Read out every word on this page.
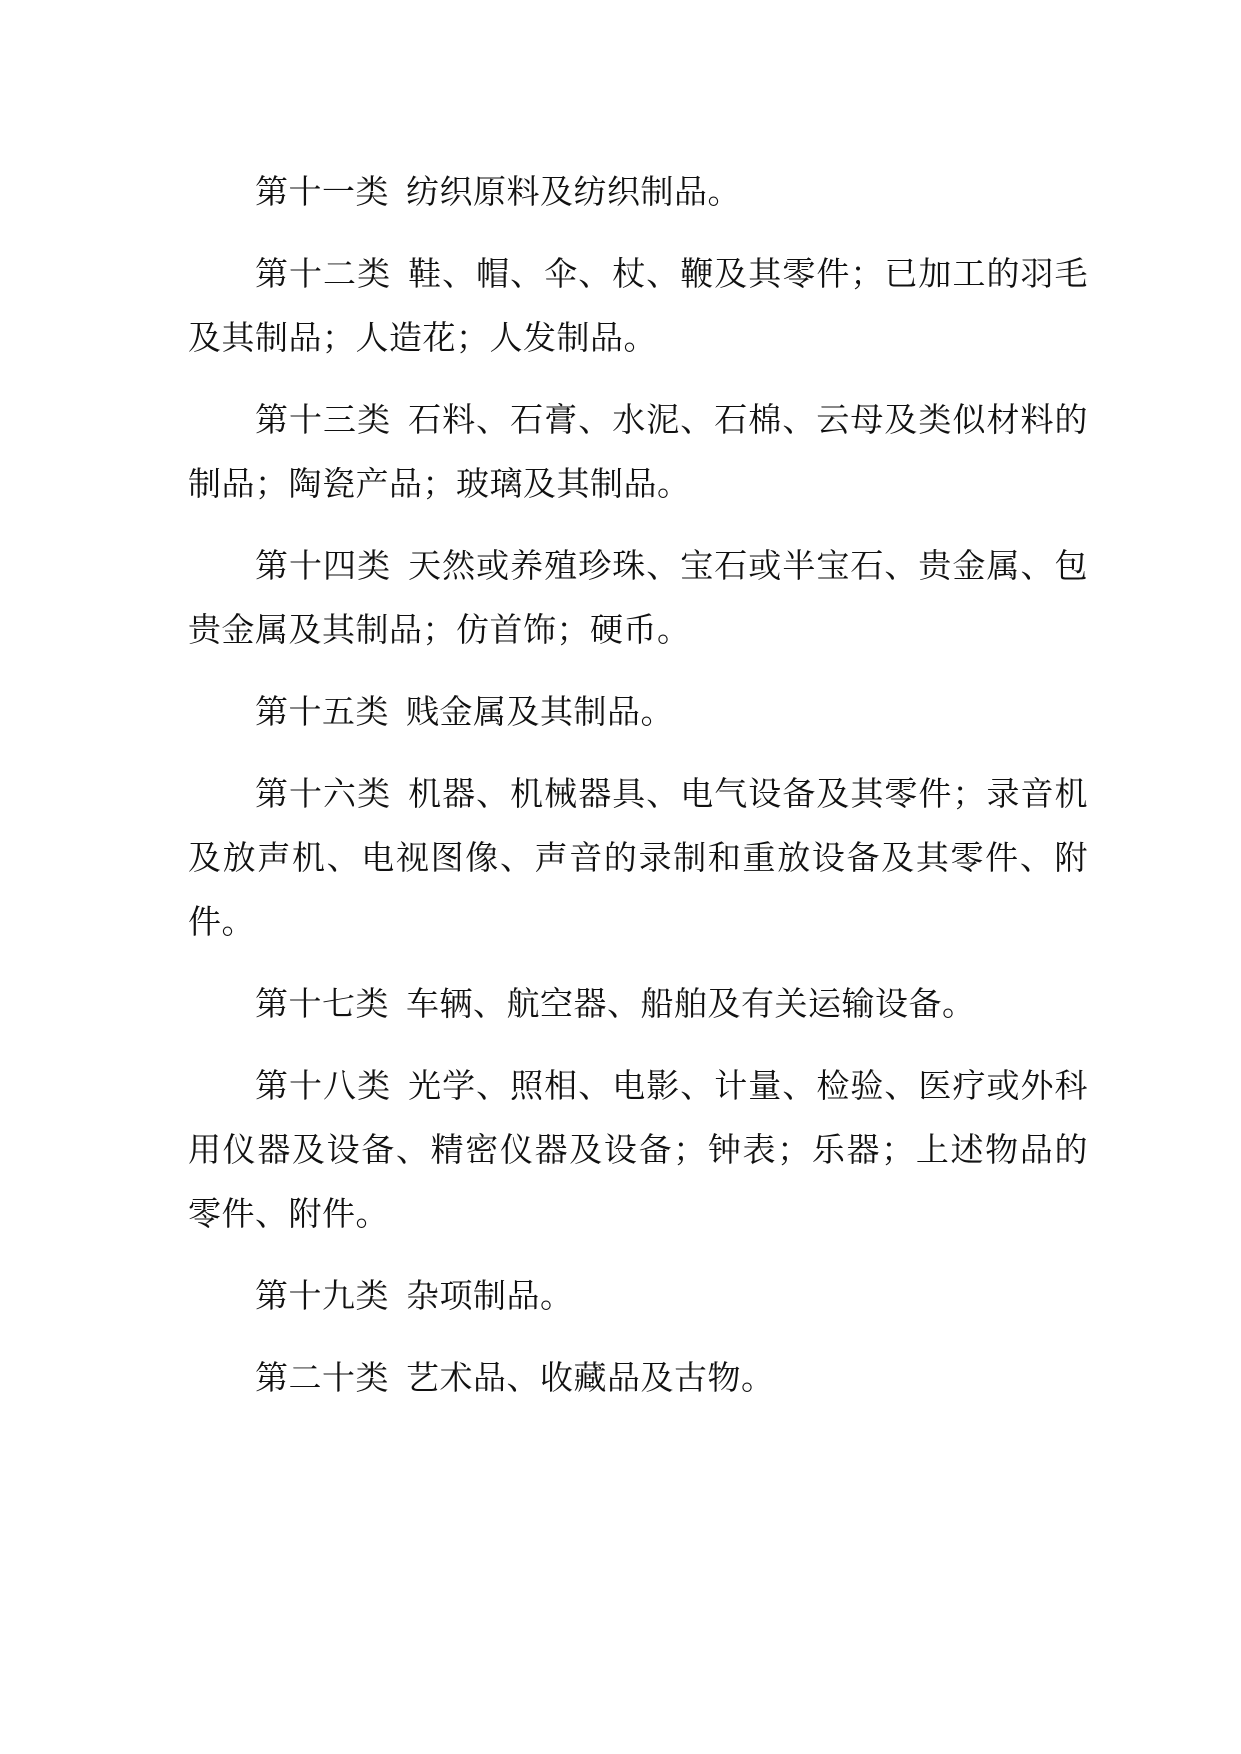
第十一类 纺织原料及纺织制品。

第十二类 鞋、帽、伞、杖、鞭及其零件；已加工的羽毛及其制品；人造花；人发制品。

第十三类 石料、石膏、水泥、石棉、云母及类似材料的制品；陶瓷产品；玻璃及其制品。

第十四类 天然或养殖珍珠、宝石或半宝石、贵金属、包贵金属及其制品；仿首饰；硬币。

第十五类 贱金属及其制品。

第十六类 机器、机械器具、电气设备及其零件；录音机及放声机、电视图像、声音的录制和重放设备及其零件、附件。

第十七类 车辆、航空器、船舶及有关运输设备。

第十八类 光学、照相、电影、计量、检验、医疗或外科用仪器及设备、精密仪器及设备；钟表；乐器；上述物品的零件、附件。

第十九类 杂项制品。

第二十类 艺术品、收藏品及古物。
